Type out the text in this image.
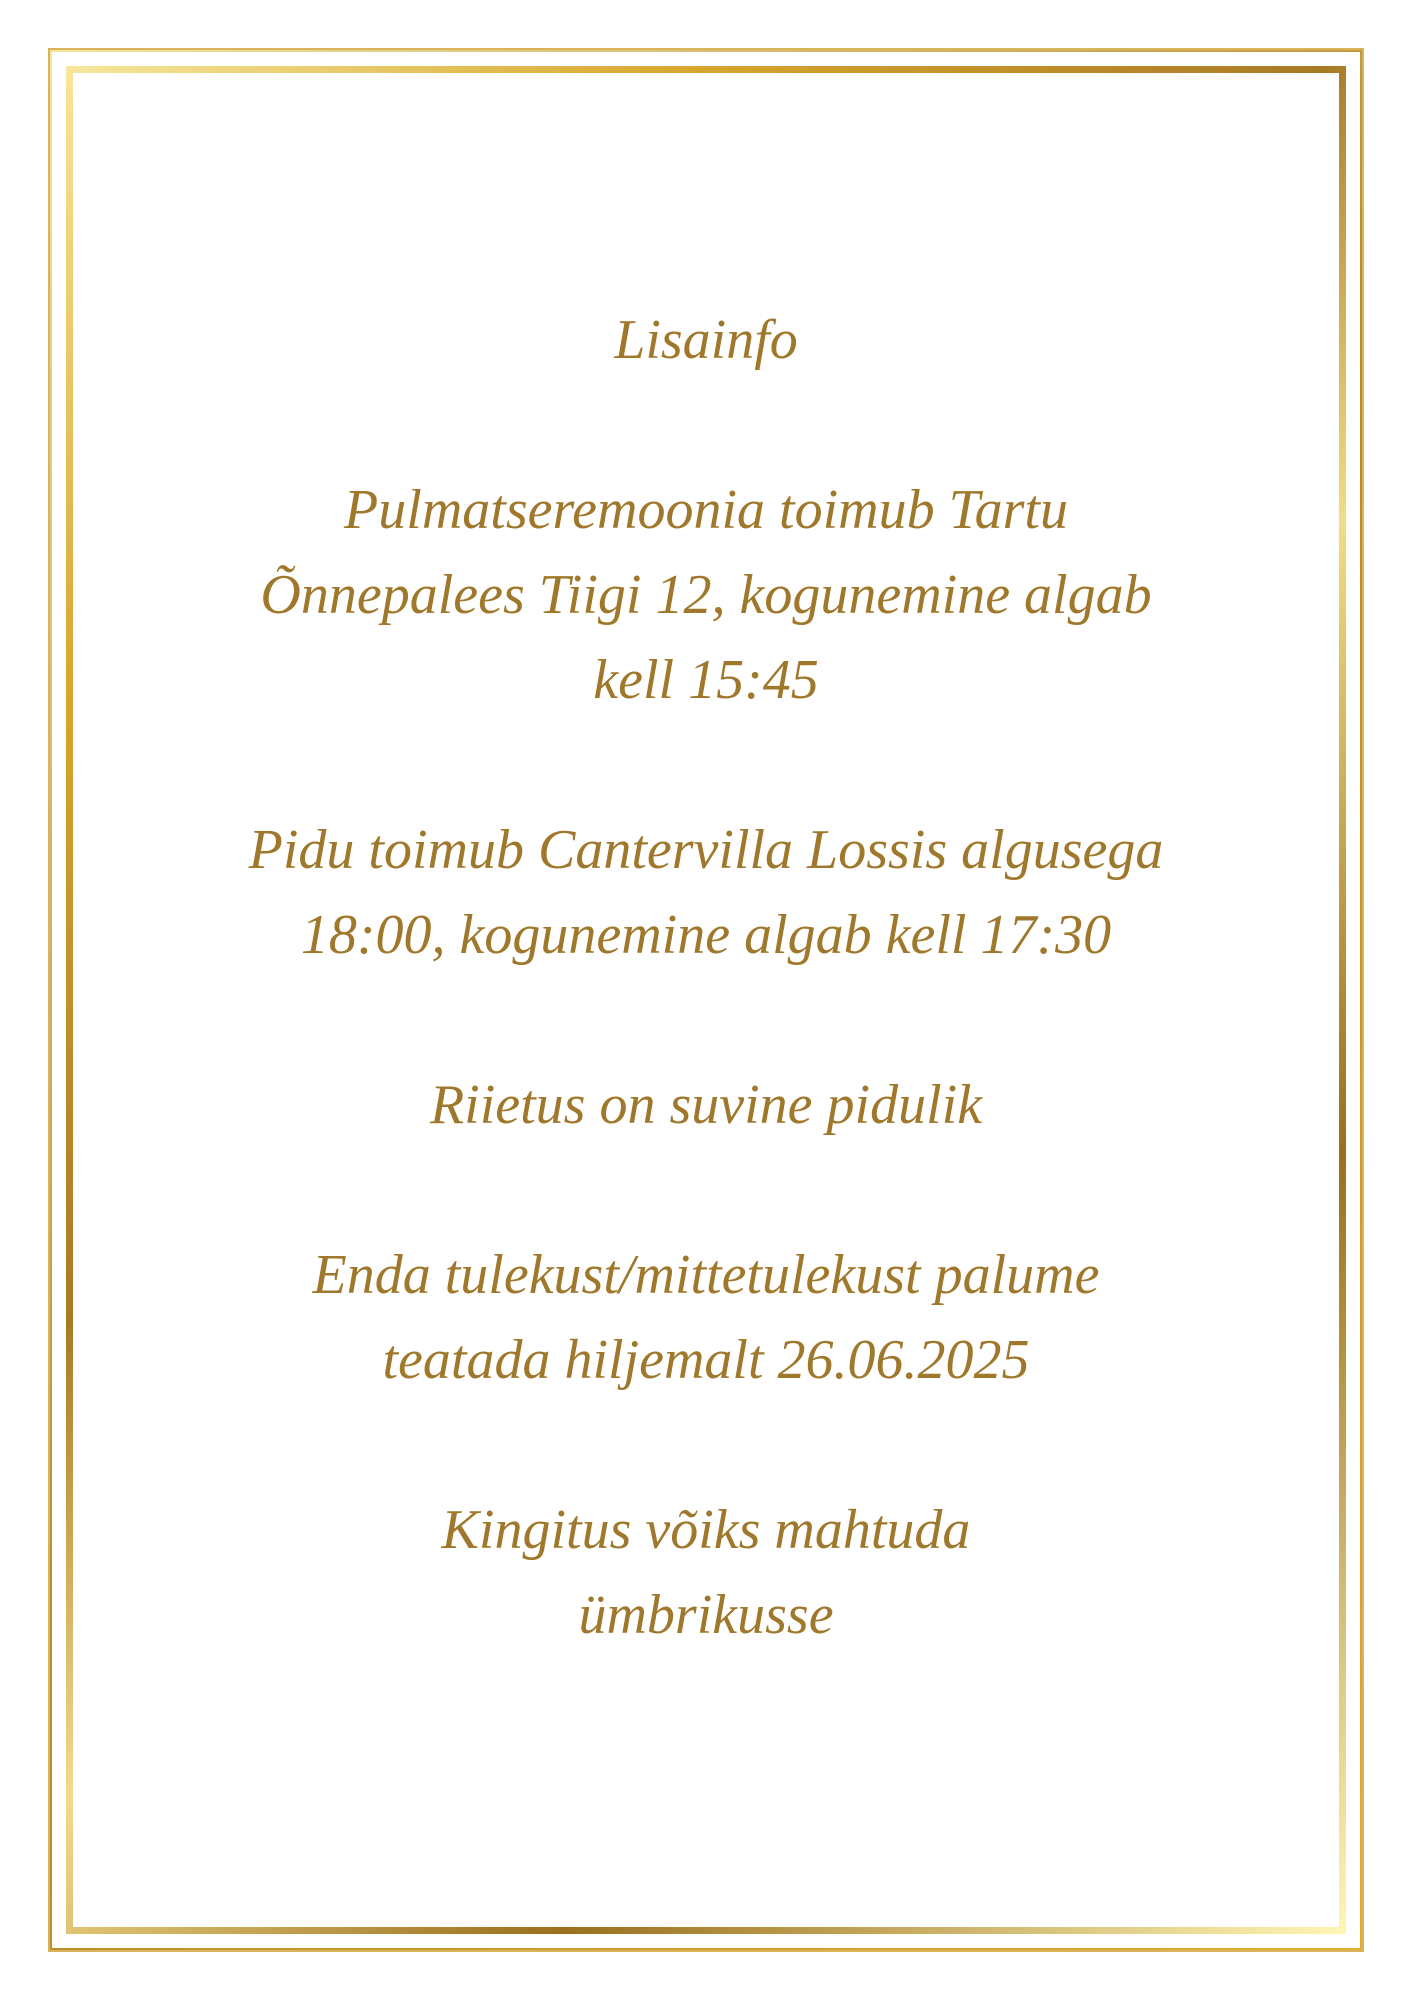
Lisainfo

Pulmatseremoonia toimub Tartu
Õnnepalees Tiigi 12, kogunemine algab
kell 15:45

Pidu toimub Cantervilla Lossis algusega
18:00, kogunemine algab kell 17:30

Riietus on suvine pidulik

Enda tulekust/mittetulekust palume
teatada hiljemalt 26.06.2025

Kingitus võiks mahtuda
ümbrikusse
